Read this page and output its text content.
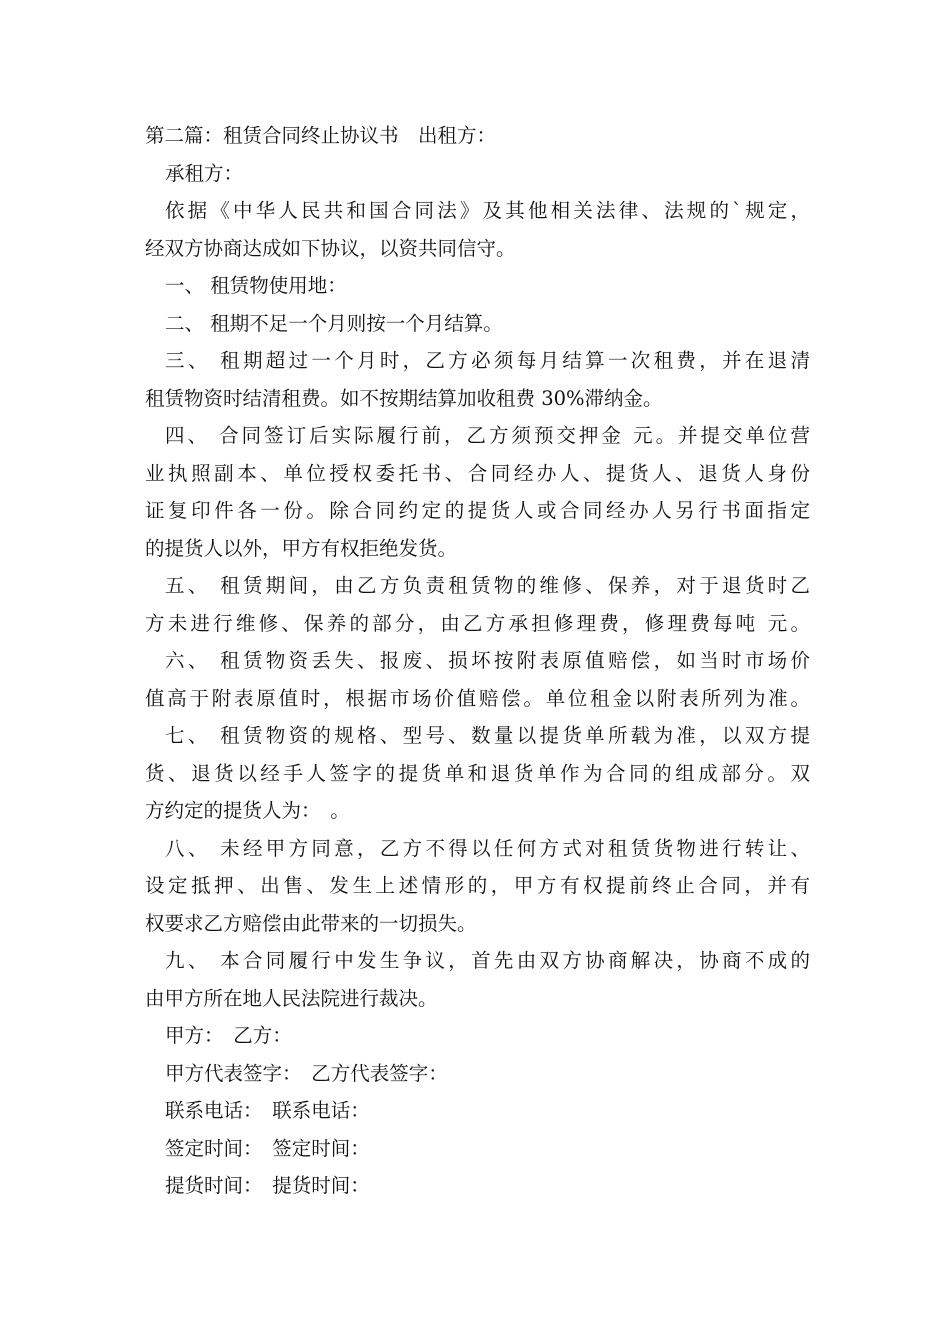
第二篇：租赁合同终止协议书　出租方：
承租方：
依据《中华人民共和国合同法》及其他相关法律、法规的`规定，
经双方协商达成如下协议，以资共同信守。
一、 租赁物使用地：
二、 租期不足一个月则按一个月结算。
三、 租期超过一个月时，乙方必须每月结算一次租费，并在退清
租赁物资时结清租费。如不按期结算加收租费 30%滞纳金。
四、 合同签订后实际履行前，乙方须预交押金 元。并提交单位营
业执照副本、单位授权委托书、合同经办人、提货人、退货人身份
证复印件各一份。除合同约定的提货人或合同经办人另行书面指定
的提货人以外，甲方有权拒绝发货。
五、 租赁期间，由乙方负责租赁物的维修、保养，对于退货时乙
方未进行维修、保养的部分，由乙方承担修理费，修理费每吨 元。
六、 租赁物资丢失、报废、损坏按附表原值赔偿，如当时市场价
值高于附表原值时，根据市场价值赔偿。单位租金以附表所列为准。
七、 租赁物资的规格、型号、数量以提货单所载为准，以双方提
货、退货以经手人签字的提货单和退货单作为合同的组成部分。双
方约定的提货人为：　。
八、 未经甲方同意，乙方不得以任何方式对租赁货物进行转让、
设定抵押、出售、发生上述情形的，甲方有权提前终止合同，并有
权要求乙方赔偿由此带来的一切损失。
九、 本合同履行中发生争议，首先由双方协商解决，协商不成的
由甲方所在地人民法院进行裁决。
甲方：　乙方：
甲方代表签字：　乙方代表签字：
联系电话：　联系电话：
签定时间：　签定时间：
提货时间：　提货时间：
